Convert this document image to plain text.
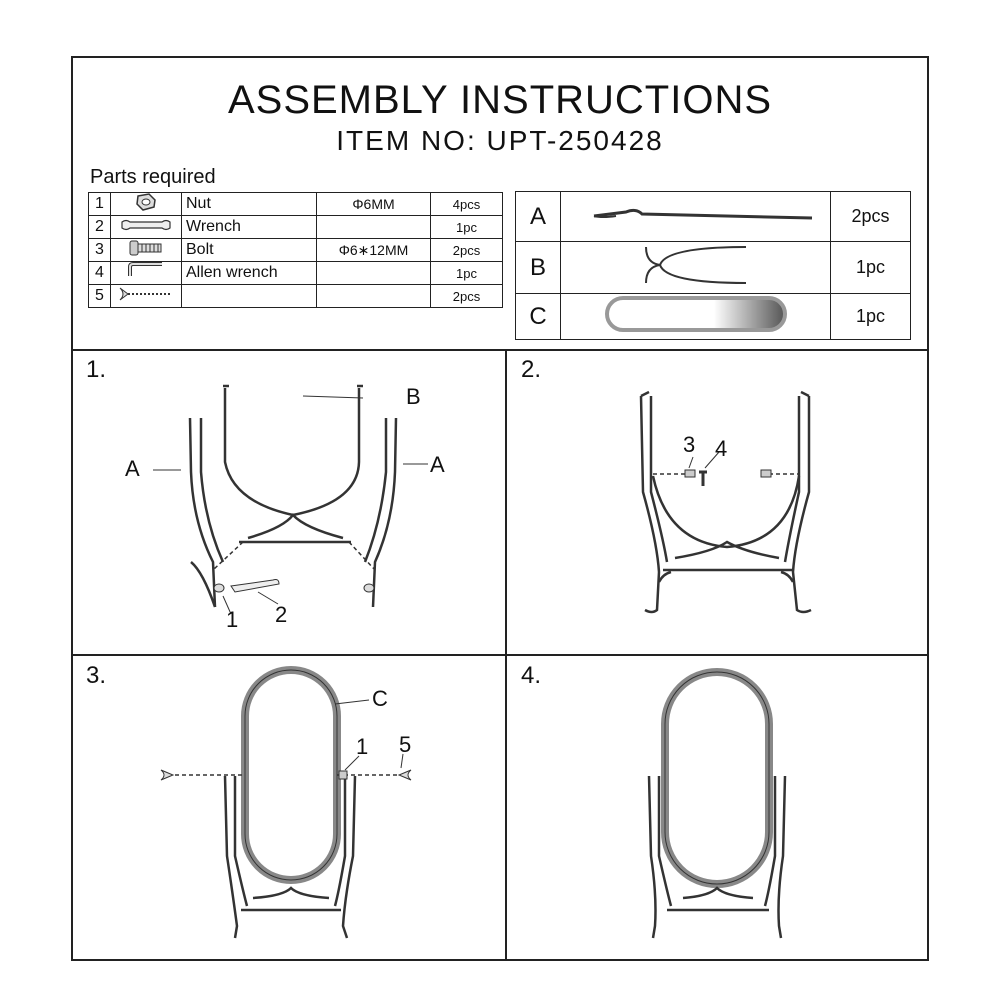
ASSEMBLY INSTRUCTIONS
ITEM NO: UPT-250428
Parts required
1		Nut	Φ6MM	4pcs
2		Wrench		1pc
3		Bolt	Φ6∗12MM	2pcs
4		Allen wrench		1pc
5				2pcs
A		2pcs
B		1pc
C		1pc
1.
B
A	A
1 2
2.
3 4
3.
C
1 5
4.
